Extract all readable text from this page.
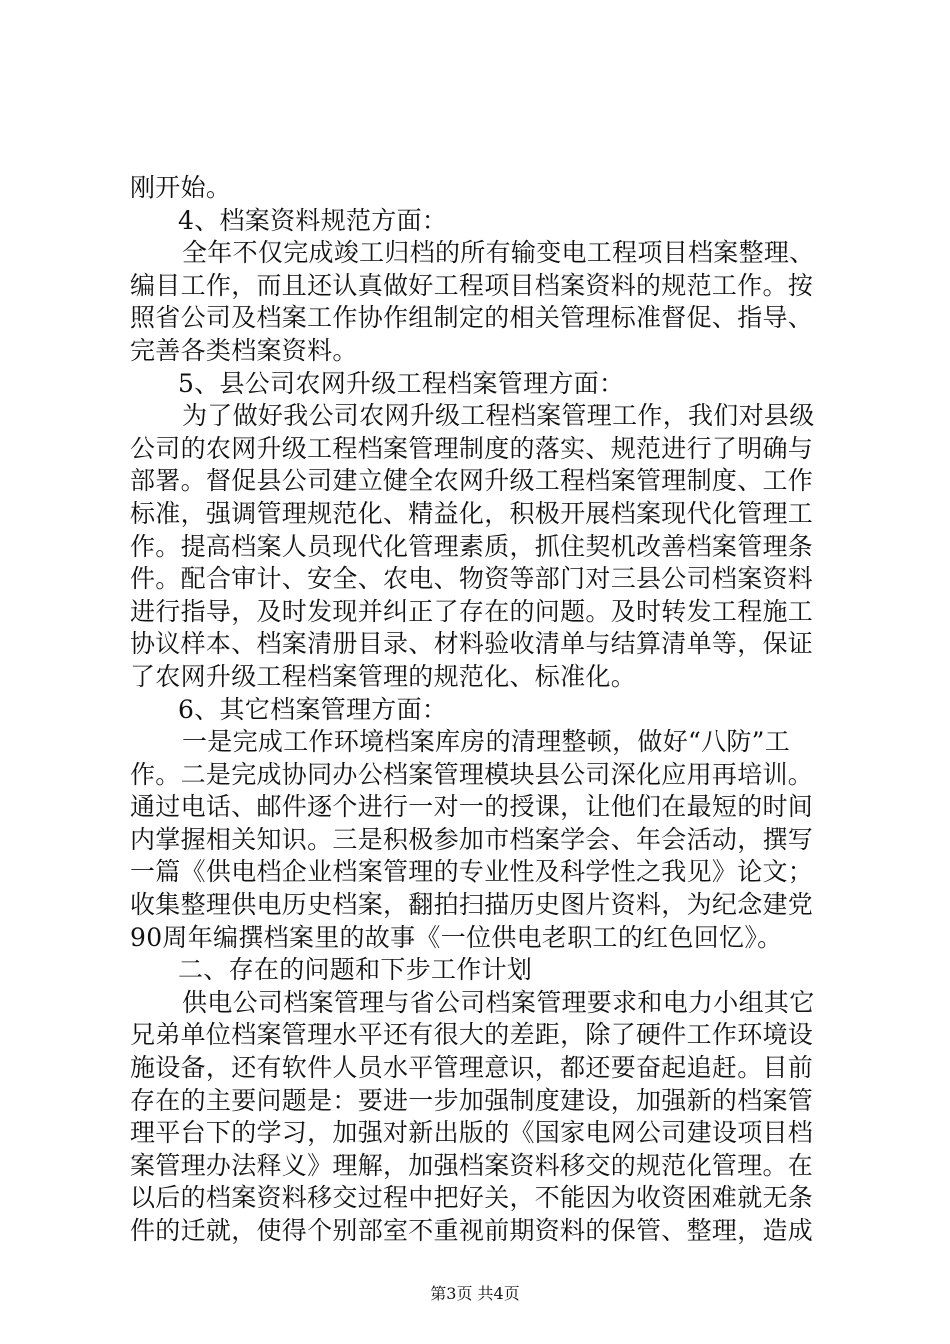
刚开始。
4、档案资料规范方面：
全年不仅完成竣工归档的所有输变电工程项目档案整理、
编目工作，而且还认真做好工程项目档案资料的规范工作。按
照省公司及档案工作协作组制定的相关管理标准督促、指导、
完善各类档案资料。
5、县公司农网升级工程档案管理方面：
为了做好我公司农网升级工程档案管理工作，我们对县级
公司的农网升级工程档案管理制度的落实、规范进行了明确与
部署。督促县公司建立健全农网升级工程档案管理制度、工作
标准，强调管理规范化、精益化，积极开展档案现代化管理工
作。提高档案人员现代化管理素质，抓住契机改善档案管理条
件。配合审计、安全、农电、物资等部门对三县公司档案资料
进行指导，及时发现并纠正了存在的问题。及时转发工程施工
协议样本、档案清册目录、材料验收清单与结算清单等，保证
了农网升级工程档案管理的规范化、标准化。
6、其它档案管理方面：
一是完成工作环境档案库房的清理整顿，做好“八防”工
作。二是完成协同办公档案管理模块县公司深化应用再培训。
通过电话、邮件逐个进行一对一的授课，让他们在最短的时间
内掌握相关知识。三是积极参加市档案学会、年会活动，撰写
一篇《供电档企业档案管理的专业性及科学性之我见》论文；
收集整理供电历史档案，翻拍扫描历史图片资料，为纪念建党
90周年编撰档案里的故事《一位供电老职工的红色回忆》。
二、存在的问题和下步工作计划
供电公司档案管理与省公司档案管理要求和电力小组其它
兄弟单位档案管理水平还有很大的差距，除了硬件工作环境设
施设备，还有软件人员水平管理意识，都还要奋起追赶。目前
存在的主要问题是：要进一步加强制度建设，加强新的档案管
理平台下的学习，加强对新出版的《国家电网公司建设项目档
案管理办法释义》理解，加强档案资料移交的规范化管理。在
以后的档案资料移交过程中把好关，不能因为收资困难就无条
件的迁就，使得个别部室不重视前期资料的保管、整理，造成
第3页 共4页
